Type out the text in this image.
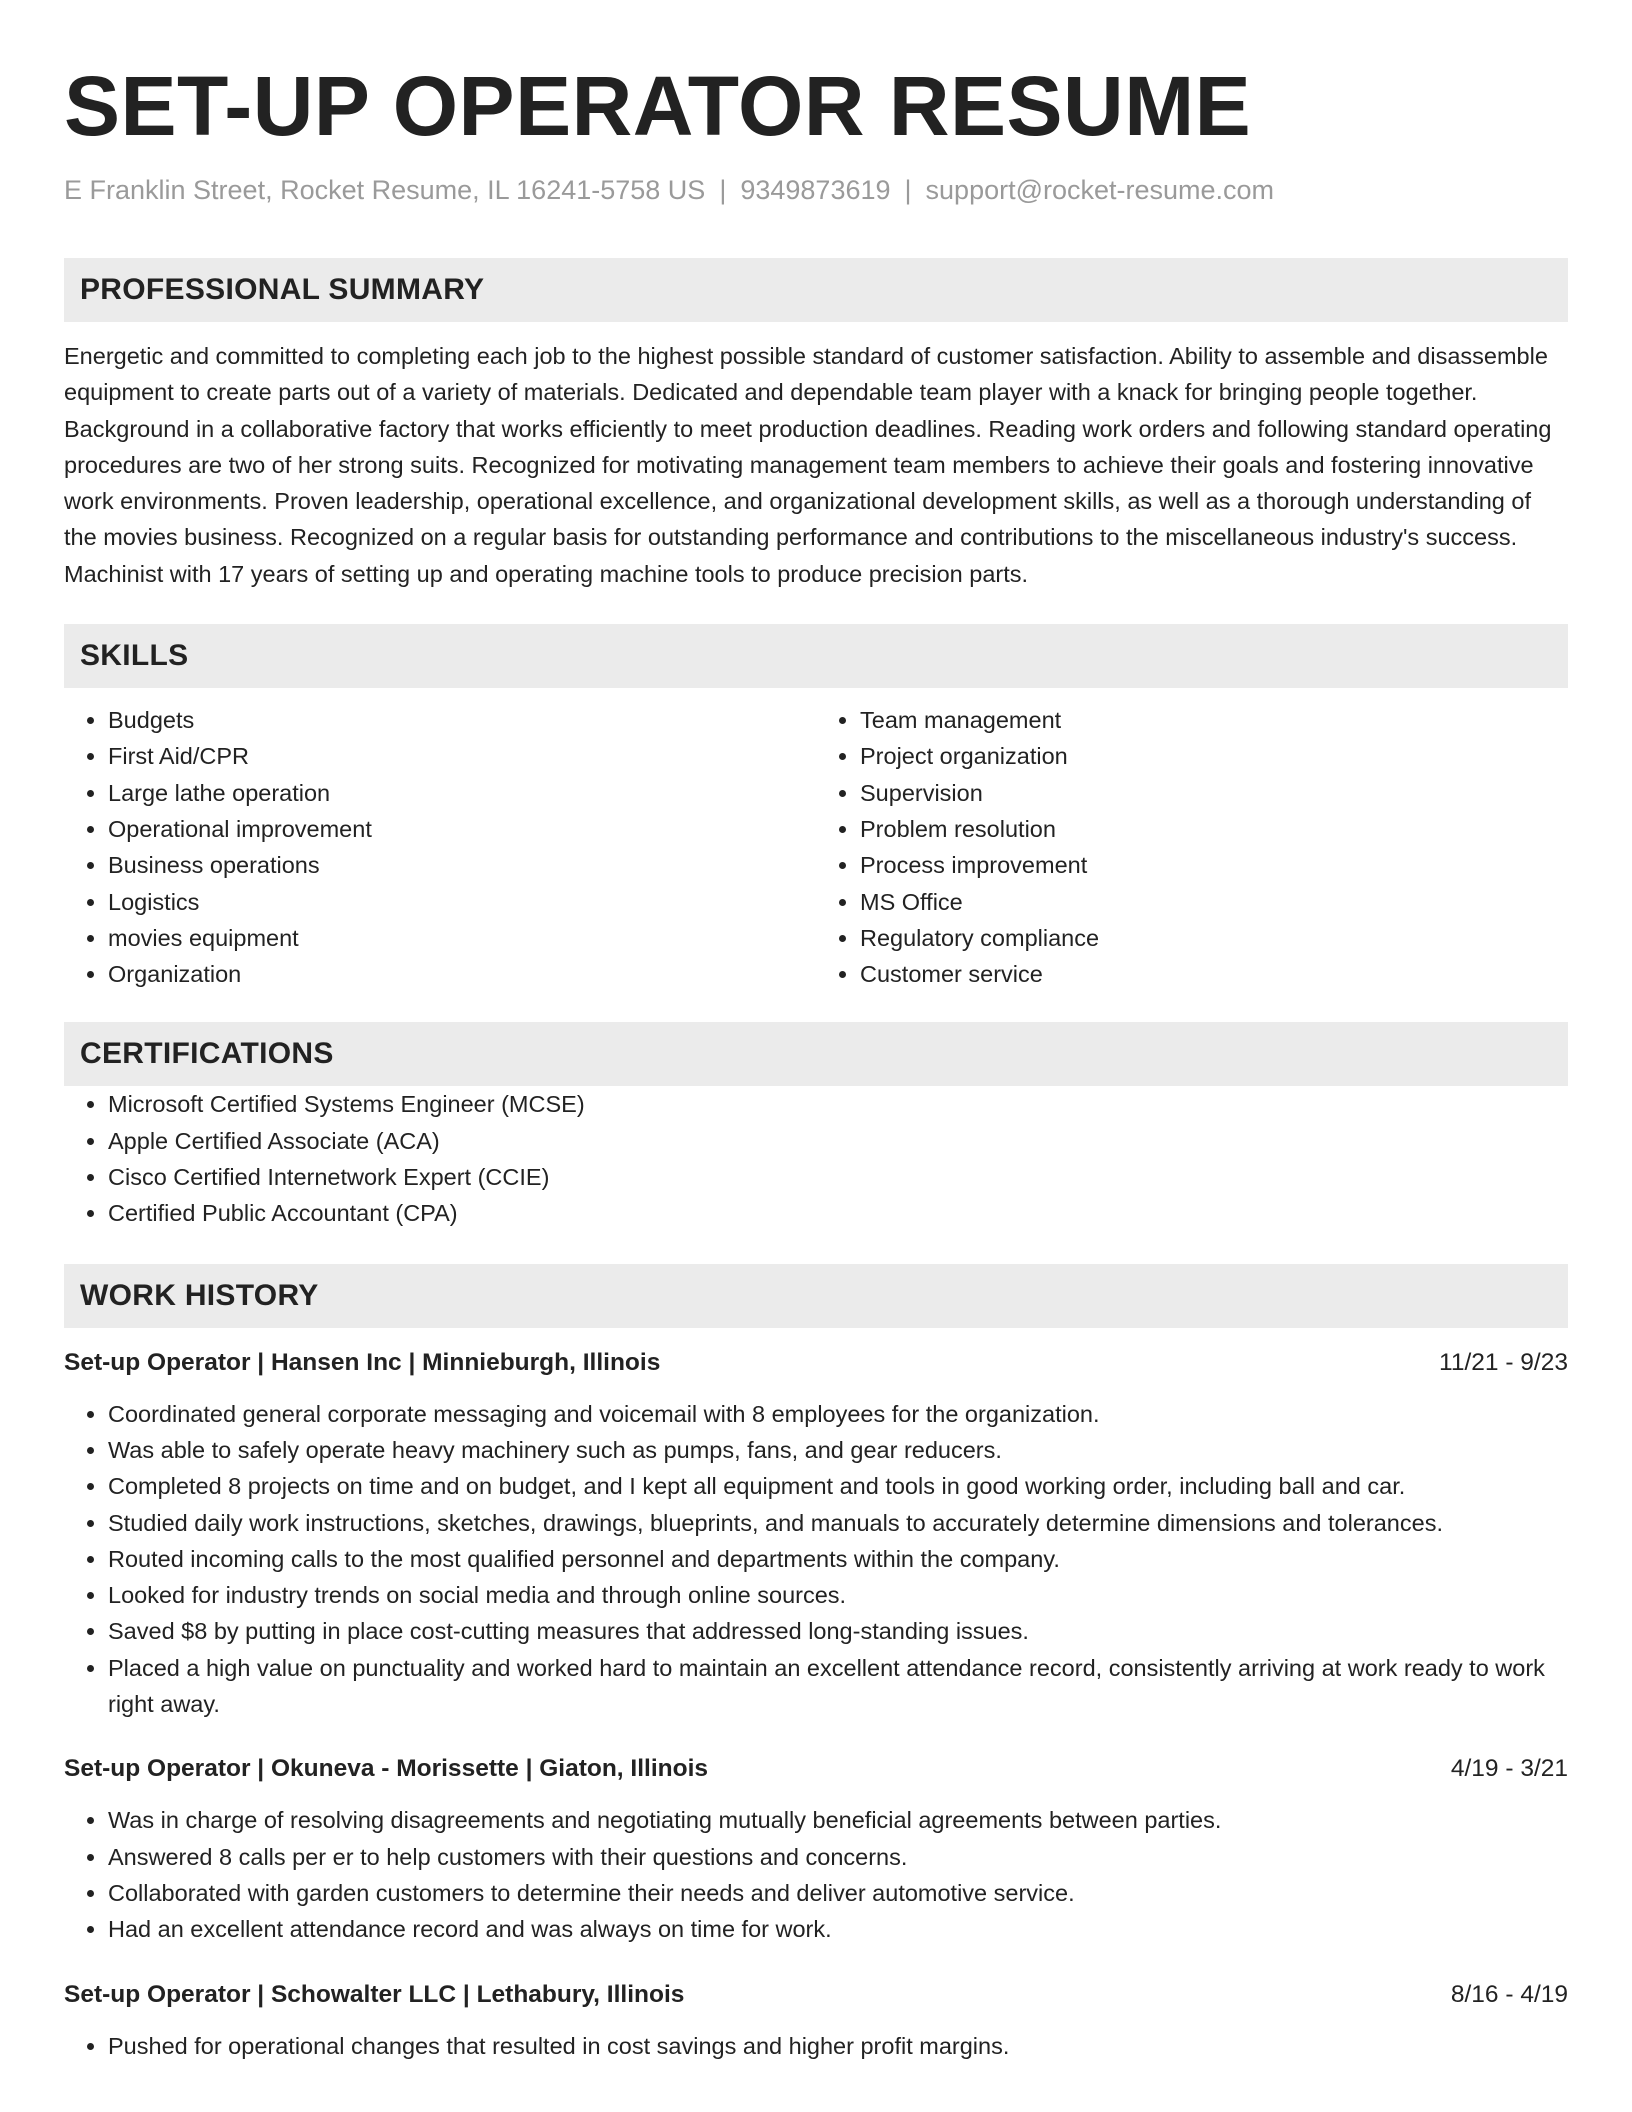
SET-UP OPERATOR RESUME
E Franklin Street, Rocket Resume, IL 16241-5758 US | 9349873619 | support@rocket-resume.com
PROFESSIONAL SUMMARY
Energetic and committed to completing each job to the highest possible standard of customer satisfaction. Ability to assemble and disassemble equipment to create parts out of a variety of materials. Dedicated and dependable team player with a knack for bringing people together. Background in a collaborative factory that works efficiently to meet production deadlines. Reading work orders and following standard operating procedures are two of her strong suits. Recognized for motivating management team members to achieve their goals and fostering innovative work environments. Proven leadership, operational excellence, and organizational development skills, as well as a thorough understanding of the movies business. Recognized on a regular basis for outstanding performance and contributions to the miscellaneous industry's success. Machinist with 17 years of setting up and operating machine tools to produce precision parts.
SKILLS
• Budgets
• First Aid/CPR
• Large lathe operation
• Operational improvement
• Business operations
• Logistics
• movies equipment
• Organization
• Team management
• Project organization
• Supervision
• Problem resolution
• Process improvement
• MS Office
• Regulatory compliance
• Customer service
CERTIFICATIONS
• Microsoft Certified Systems Engineer (MCSE)
• Apple Certified Associate (ACA)
• Cisco Certified Internetwork Expert (CCIE)
• Certified Public Accountant (CPA)
WORK HISTORY
Set-up Operator | Hansen Inc | Minnieburgh, Illinois	11/21 - 9/23
• Coordinated general corporate messaging and voicemail with 8 employees for the organization.
• Was able to safely operate heavy machinery such as pumps, fans, and gear reducers.
• Completed 8 projects on time and on budget, and I kept all equipment and tools in good working order, including ball and car.
• Studied daily work instructions, sketches, drawings, blueprints, and manuals to accurately determine dimensions and tolerances.
• Routed incoming calls to the most qualified personnel and departments within the company.
• Looked for industry trends on social media and through online sources.
• Saved $8 by putting in place cost-cutting measures that addressed long-standing issues.
• Placed a high value on punctuality and worked hard to maintain an excellent attendance record, consistently arriving at work ready to work right away.
Set-up Operator | Okuneva - Morissette | Giaton, Illinois	4/19 - 3/21
• Was in charge of resolving disagreements and negotiating mutually beneficial agreements between parties.
• Answered 8 calls per er to help customers with their questions and concerns.
• Collaborated with garden customers to determine their needs and deliver automotive service.
• Had an excellent attendance record and was always on time for work.
Set-up Operator | Schowalter LLC | Lethabury, Illinois	8/16 - 4/19
• Pushed for operational changes that resulted in cost savings and higher profit margins.
